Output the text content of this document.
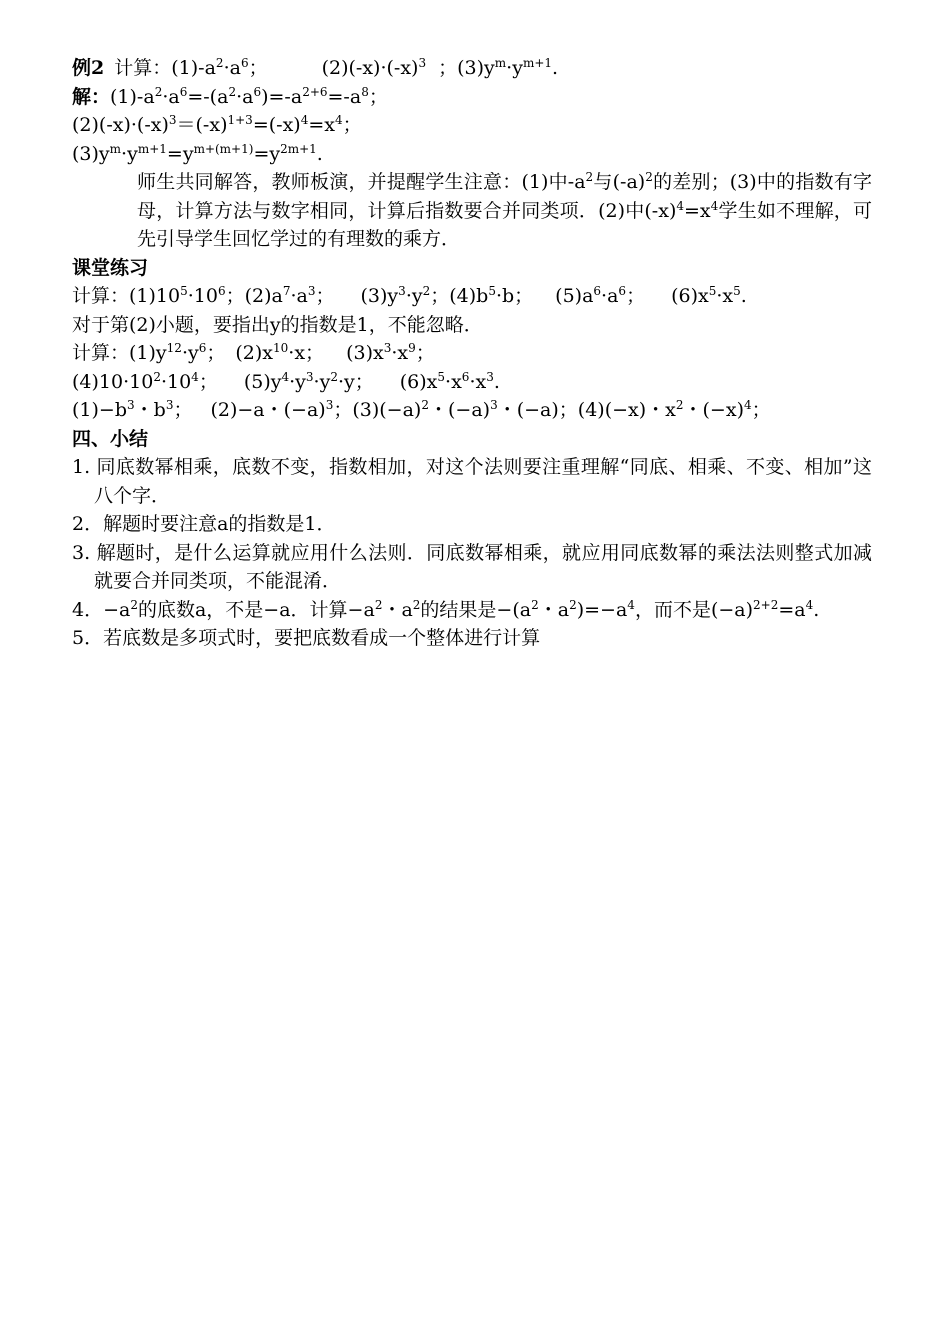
例2 计算：$(1)-a^2\cdot a^6$；	$(2)(-x)\cdot(-x)^3$ ；$(3)y^m\cdot y^{m+1}$.
解：$(1)-a^2\cdot a^6=-(a^2\cdot a^6)=-a^{2+6}=-a^8$；
$(2)(-x)\cdot(-x)^3=(-x)^{1+3}=(-x)^4=x^4$；
$(3)y^m\cdot y^{m+1}=y^{m+(m+1)}=y^{2m+1}$.
师生共同解答，教师板演，并提醒学生注意：(1)中$-a^2$与$(-a)^2$的差别；(3)中的指数有字母，计算方法与数字相同，计算后指数要合并同类项．(2)中$(-x)^4=x^4$学生如不理解，可先引导学生回忆学过的有理数的乘方．
课堂练习
计算：$(1)10^5\cdot 10^6$；$(2)a^7\cdot a^3$； $(3)y^3\cdot y^2$；$(4)b^5\cdot b$； $(5)a^6\cdot a^6$； $(6)x^5\cdot x^5$.
对于第(2)小题，要指出y的指数是1，不能忽略．
计算：$(1)y^{12}\cdot y^6$； $(2)x^{10}\cdot x$； $(3)x^3\cdot x^9$；
$(4)10\cdot 10^2\cdot 10^4$； $(5)y^4\cdot y^3\cdot y^2\cdot y$； $(6)x^5\cdot x^6\cdot x^3$.
$(1)-b^3$・$b^3$； (2)−a・$(-a)^3$；$(3)(-a)^2$・$(-a)^3$・(−a)；(4)(−x)・$x^2$・$(-x)^4$；
四、小结
1. 同底数幂相乘，底数不变，指数相加，对这个法则要注重理解“同底、相乘、不变、相加”这八个字．
2．解题时要注意a的指数是1．
3. 解题时，是什么运算就应用什么法则．同底数幂相乘，就应用同底数幂的乘法法则整式加减就要合并同类项，不能混淆．
4．$-a^2$的底数a，不是−a．计算$-a^2$・$a^2$的结果是$-(a^2$・$a^2)=-a^4$，而不是$(-a)^{2+2}=a^4$.
5．若底数是多项式时，要把底数看成一个整体进行计算
